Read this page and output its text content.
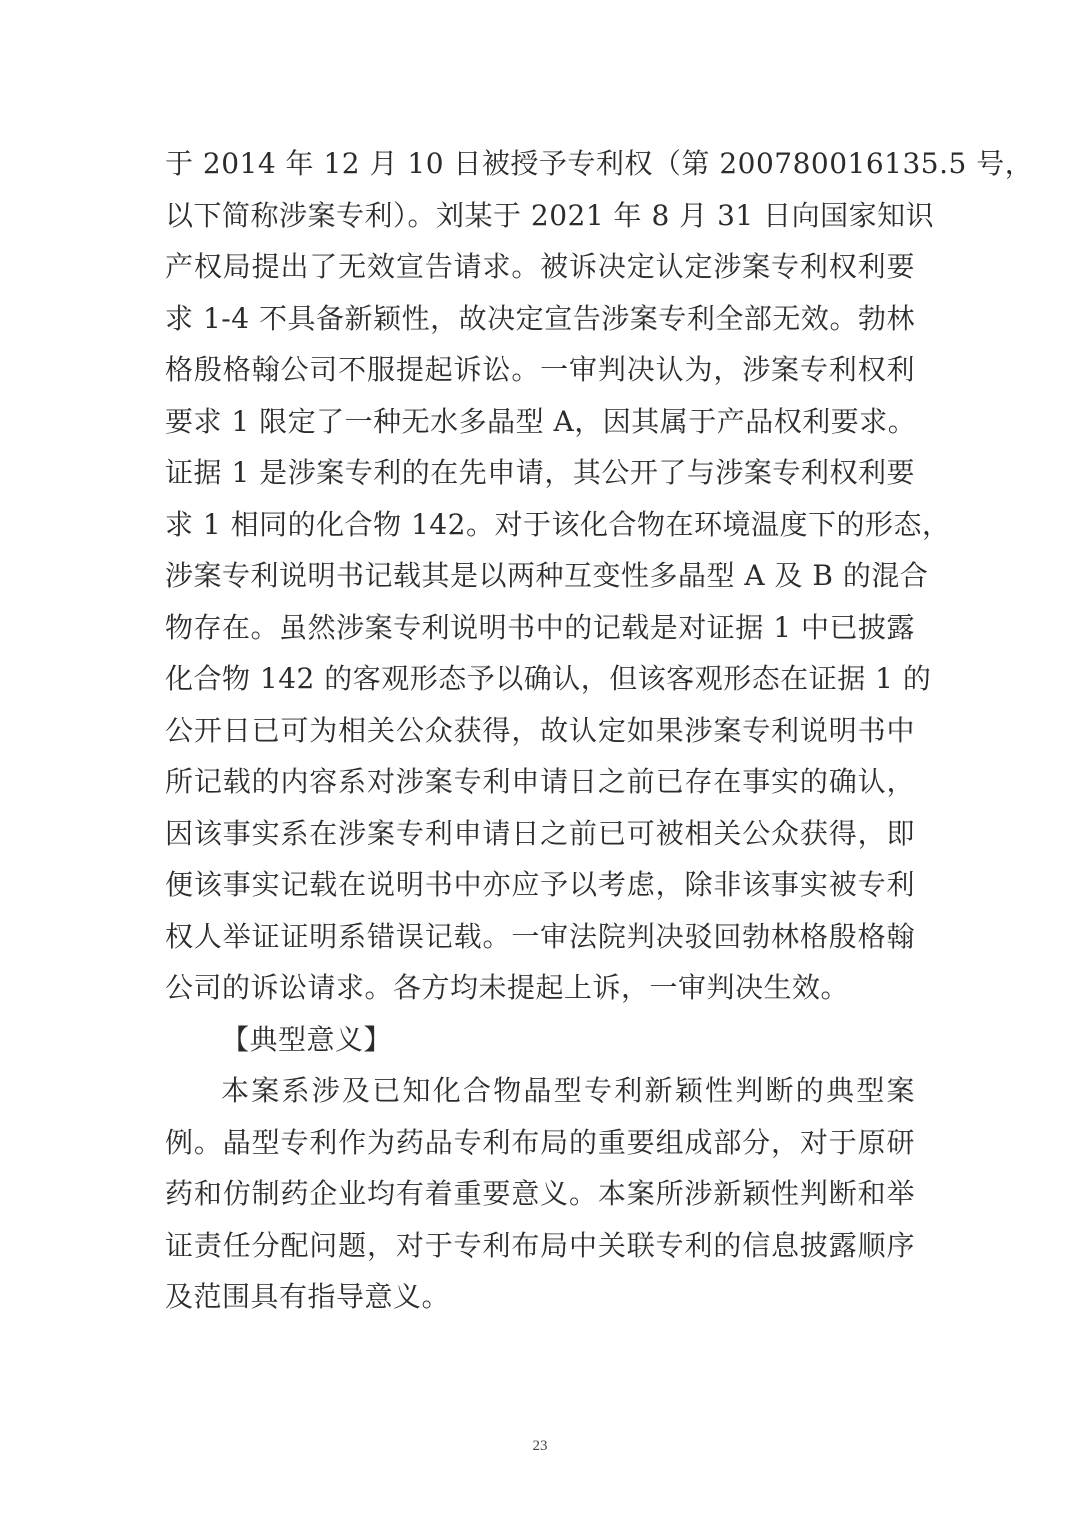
于 2014 年 12 月 10 日被授予专利权（第 200780016135.5 号，
以下简称涉案专利）。刘某于 2021 年 8 月 31 日向国家知识
产权局提出了无效宣告请求。被诉决定认定涉案专利权利要
求 1-4 不具备新颖性，故决定宣告涉案专利全部无效。勃林
格殷格翰公司不服提起诉讼。一审判决认为，涉案专利权利
要求 1 限定了一种无水多晶型 A，因其属于产品权利要求。
证据 1 是涉案专利的在先申请，其公开了与涉案专利权利要
求 1 相同的化合物 142。对于该化合物在环境温度下的形态，
涉案专利说明书记载其是以两种互变性多晶型 A 及 B 的混合
物存在。虽然涉案专利说明书中的记载是对证据 1 中已披露
化合物 142 的客观形态予以确认，但该客观形态在证据 1 的
公开日已可为相关公众获得，故认定如果涉案专利说明书中
所记载的内容系对涉案专利申请日之前已存在事实的确认，
因该事实系在涉案专利申请日之前已可被相关公众获得，即
便该事实记载在说明书中亦应予以考虑，除非该事实被专利
权人举证证明系错误记载。一审法院判决驳回勃林格殷格翰
公司的诉讼请求。各方均未提起上诉，一审判决生效。
【典型意义】
本案系涉及已知化合物晶型专利新颖性判断的典型案
例。晶型专利作为药品专利布局的重要组成部分，对于原研
药和仿制药企业均有着重要意义。本案所涉新颖性判断和举
证责任分配问题，对于专利布局中关联专利的信息披露顺序
及范围具有指导意义。
23
